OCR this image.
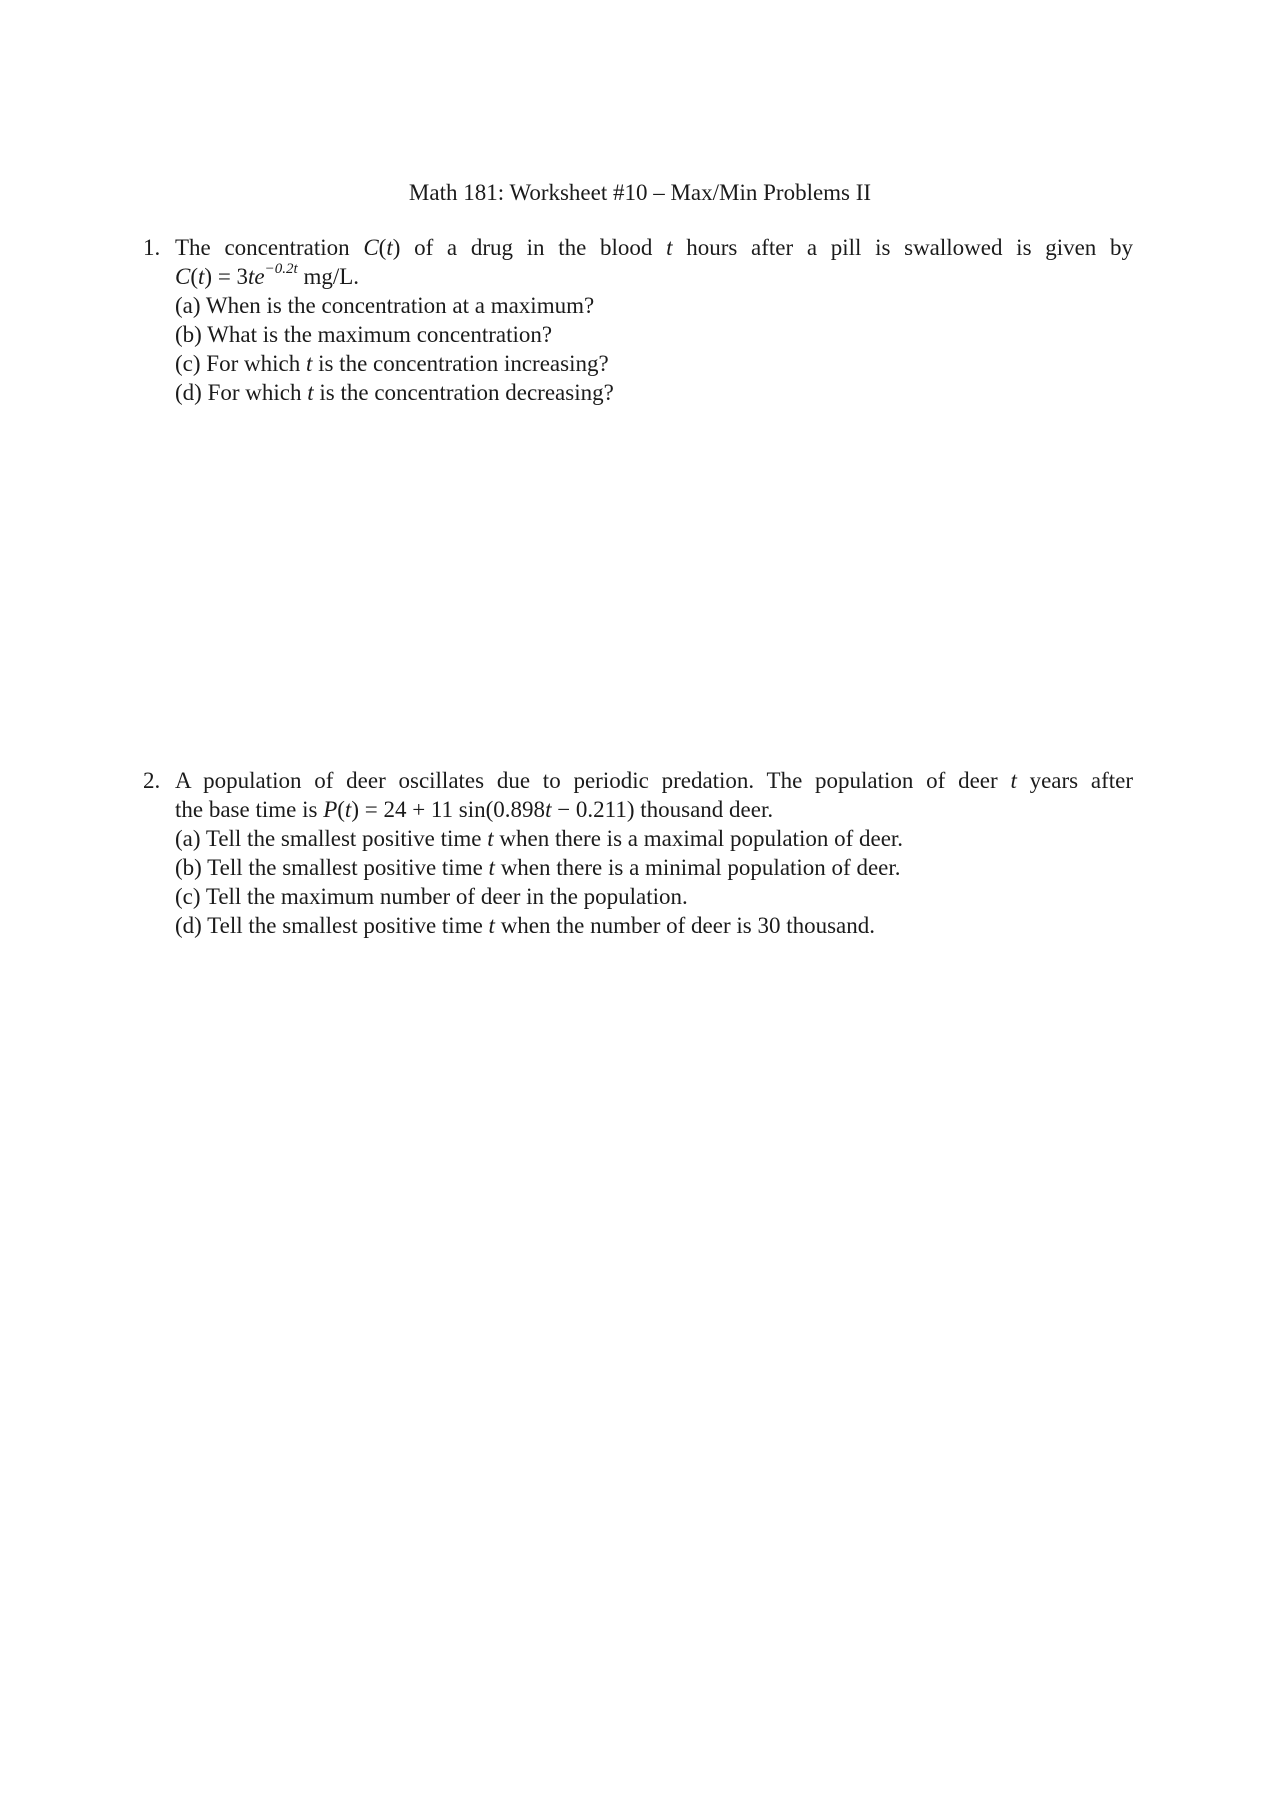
Math 181: Worksheet #10 – Max/Min Problems II
1. The concentration C(t) of a drug in the blood t hours after a pill is swallowed is given by
$C(t) = 3te^{-0.2t}$ mg/L.
(a) When is the concentration at a maximum?
(b) What is the maximum concentration?
(c) For which t is the concentration increasing?
(d) For which t is the concentration decreasing?
2. A population of deer oscillates due to periodic predation. The population of deer t years after
the base time is P(t) = 24 + 11 sin(0.898t − 0.211) thousand deer.
(a) Tell the smallest positive time t when there is a maximal population of deer.
(b) Tell the smallest positive time t when there is a minimal population of deer.
(c) Tell the maximum number of deer in the population.
(d) Tell the smallest positive time t when the number of deer is 30 thousand.
